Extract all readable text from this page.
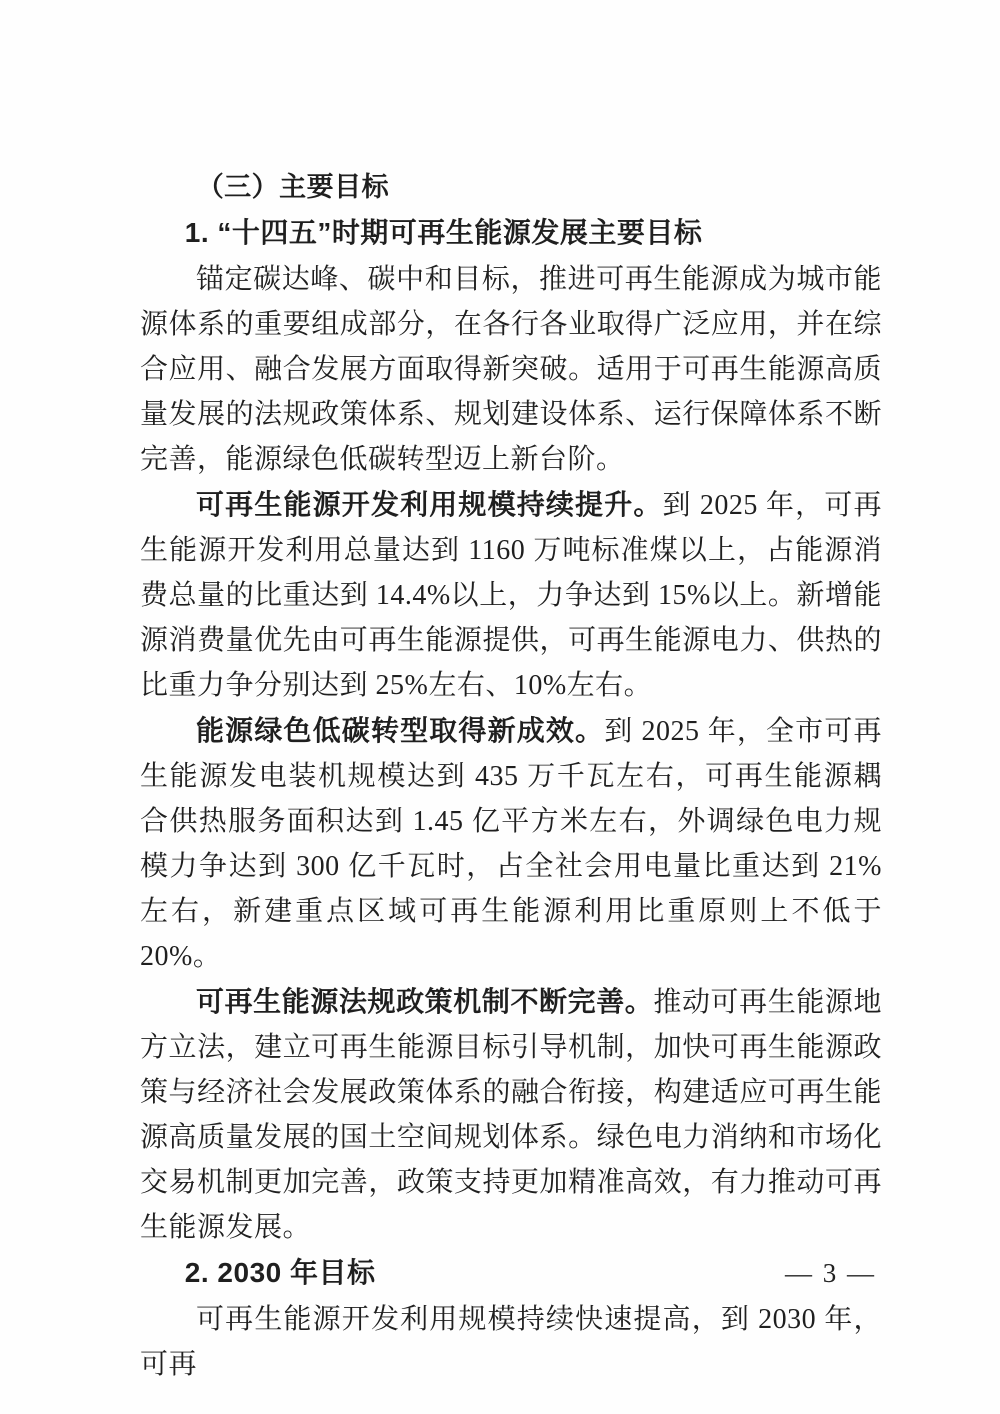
（三）主要目标
1. “十四五”时期可再生能源发展主要目标

锚定碳达峰、碳中和目标，推进可再生能源成为城市能源体系的重要组成部分，在各行各业取得广泛应用，并在综合应用、融合发展方面取得新突破。适用于可再生能源高质量发展的法规政策体系、规划建设体系、运行保障体系不断完善，能源绿色低碳转型迈上新台阶。

可再生能源开发利用规模持续提升。到 2025 年，可再生能源开发利用总量达到 1160 万吨标准煤以上，占能源消费总量的比重达到 14.4%以上，力争达到 15%以上。新增能源消费量优先由可再生能源提供，可再生能源电力、供热的比重力争分别达到 25%左右、10%左右。

能源绿色低碳转型取得新成效。到 2025 年，全市可再生能源发电装机规模达到 435 万千瓦左右，可再生能源耦合供热服务面积达到 1.45 亿平方米左右，外调绿色电力规模力争达到 300 亿千瓦时，占全社会用电量比重达到 21%左右，新建重点区域可再生能源利用比重原则上不低于 20%。

可再生能源法规政策机制不断完善。推动可再生能源地方立法，建立可再生能源目标引导机制，加快可再生能源政策与经济社会发展政策体系的融合衔接，构建适应可再生能源高质量发展的国土空间规划体系。绿色电力消纳和市场化交易机制更加完善，政策支持更加精准高效，有力推动可再生能源发展。

2. 2030 年目标

可再生能源开发利用规模持续快速提高，到 2030 年，可再

— 3 —
